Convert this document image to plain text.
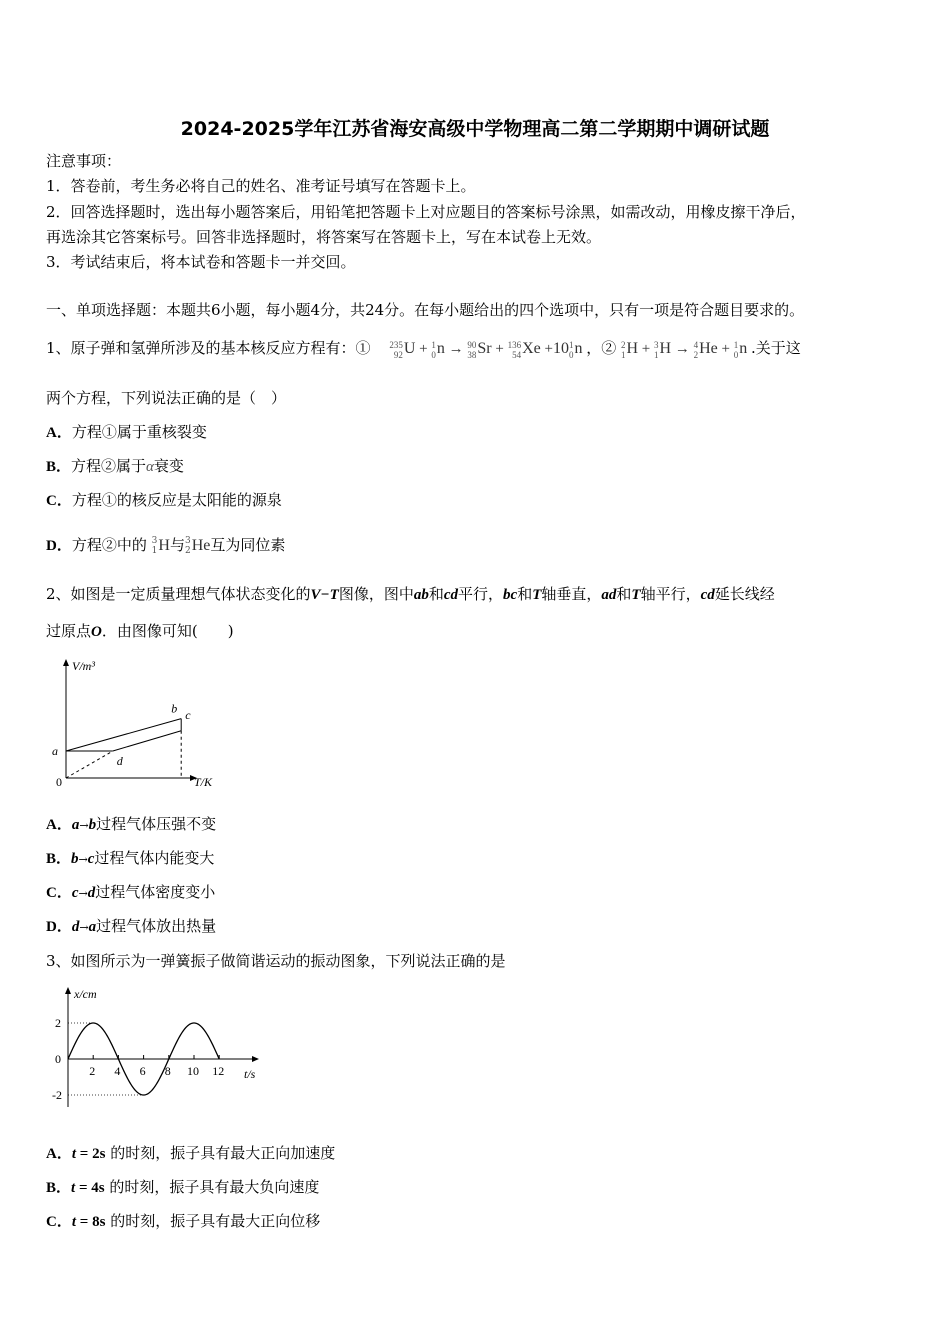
2024-2025学年江苏省海安高级中学物理高二第二学期期中调研试题
注意事项：
1．答卷前，考生务必将自己的姓名、准考证号填写在答题卡上。
2．回答选择题时，选出每小题答案后，用铅笔把答题卡上对应题目的答案标号涂黑，如需改动，用橡皮擦干净后，
再选涂其它答案标号。回答非选择题时，将答案写在答题卡上，写在本试卷上无效。
3．考试结束后，将本试卷和答题卡一并交回。
一、单项选择题：本题共6小题，每小题4分，共24分。在每小题给出的四个选项中，只有一项是符合题目要求的。
1、原子弹和氢弹所涉及的基本核反应方程有：① 235
92 U + 1
0 n → 90
38 Sr + 136
54 Xe +10 1
0 n ，② 2
1 H + 3
1 H → 4
2 He + 1
0 n .关于这
两个方程，下列说法正确的是（　）
A．方程①属于重核裂变
B．方程②属于α衰变
C．方程①的核反应是太阳能的源泉
D．方程②中的 3
1 H与 3
2 He互为同位素
2、如图是一定质量理想气体状态变化的V−T图像，图中ab和cd平行，bc和T轴垂直，ad和T轴平行，cd延长线经
过原点O．由图像可知(　　)
V/m³
T/K
0
a
b c
d
A．a→b过程气体压强不变
B．b→c过程气体内能变大
C．c→d过程气体密度变小
D．d→a过程气体放出热量
3、如图所示为一弹簧振子做简谐运动的振动图象，下列说法正确的是
x/cm
t/s
2 4 6 8 10 12
2
0
-2
A．t = 2s 的时刻，振子具有最大正向加速度
B．t = 4s 的时刻，振子具有最大负向速度
C．t = 8s 的时刻，振子具有最大正向位移
